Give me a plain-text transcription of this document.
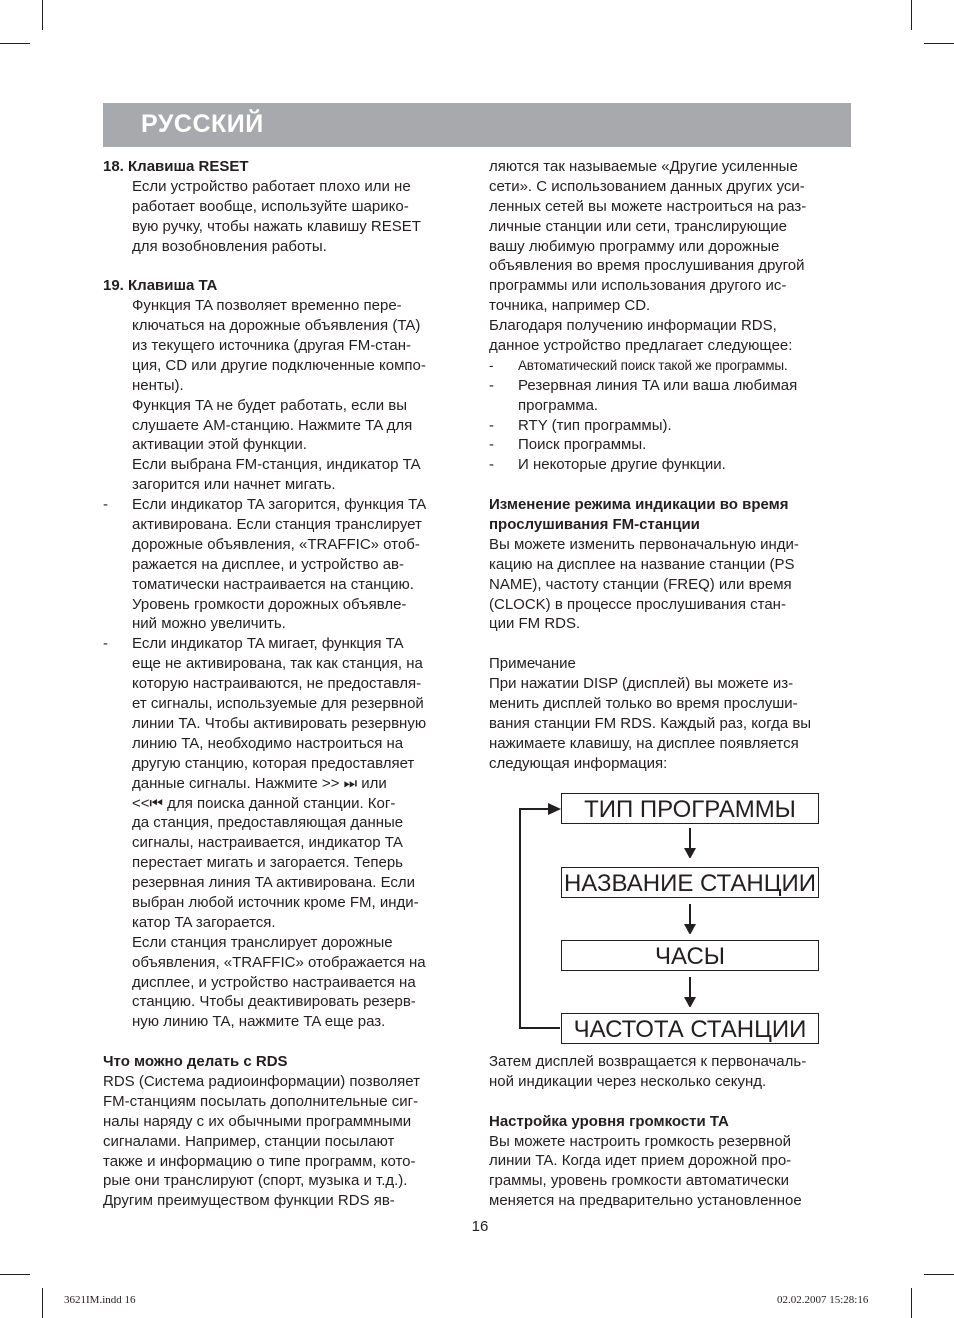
РУССКИЙ
18. Клавиша RESET
Если устройство работает плохо или не
работает вообще, используйте шарико-
вую ручку, чтобы нажать клавишу RESET
для возобновления работы.
19. Клавиша TA
Функция TA позволяет временно пере-
ключаться на дорожные объявления (TA)
из текущего источника (другая FM-стан-
ция, CD или другие подключенные компо-
ненты).
Функция TA не будет работать, если вы
слушаете AM-станцию. Нажмите TA для
активации этой функции.
Если выбрана FM-станция, индикатор TA
загорится или начнет мигать.
- Если индикатор TA загорится, функция TA
активирована. Если станция транслирует
дорожные объявления, «TRAFFIC» отоб-
ражается на дисплее, и устройство ав-
томатически настраивается на станцию.
Уровень громкости дорожных объявле-
ний можно увеличить.
- Если индикатор TA мигает, функция TA
еще не активирована, так как станция, на
которую настраиваются, не предоставля-
ет сигналы, используемые для резервной
линии TA. Чтобы активировать резервную
линию TA, необходимо настроиться на
другую станцию, которая предоставляет
данные сигналы. Нажмите >> ⏭ или
<<⏮ для поиска данной станции. Ког-
да станция, предоставляющая данные
сигналы, настраивается, индикатор TA
перестает мигать и загорается. Теперь
резервная линия TA активирована. Если
выбран любой источник кроме FM, инди-
катор TA загорается.
Если станция транслирует дорожные
объявления, «TRAFFIC» отображается на
дисплее, и устройство настраивается на
станцию. Чтобы деактивировать резерв-
ную линию TA, нажмите TA еще раз.
Что можно делать с RDS
RDS (Система радиоинформации) позволяет
FM-станциям посылать дополнительные сиг-
налы наряду с их обычными программными
сигналами. Например, станции посылают
также и информацию о типе программ, кото-
рые они транслируют (спорт, музыка и т.д.).
Другим преимуществом функции RDS яв-
ляются так называемые «Другие усиленные
сети». С использованием данных других уси-
ленных сетей вы можете настроиться на раз-
личные станции или сети, транслирующие
вашу любимую программу или дорожные
объявления во время прослушивания другой
программы или использования другого ис-
точника, например CD.
Благодаря получению информации RDS,
данное устройство предлагает следующее:
- Автоматический поиск такой же программы.
- Резервная линия TA или ваша любимая
программа.
- RTY (тип программы).
- Поиск программы.
- И некоторые другие функции.
Изменение режима индикации во время
прослушивания FM-станции
Вы можете изменить первоначальную инди-
кацию на дисплее на название станции (PS
NAME), частоту станции (FREQ) или время
(CLOCK) в процессе прослушивания стан-
ции FM RDS.
Примечание
При нажатии DISP (дисплей) вы можете из-
менить дисплей только во время прослуши-
вания станции FM RDS. Каждый раз, когда вы
нажимаете клавишу, на дисплее появляется
следующая информация:
ТИП ПРОГРАММЫ
НАЗВАНИЕ СТАНЦИИ
ЧАСЫ
ЧАСТОТА СТАНЦИИ
Затем дисплей возвращается к первоначаль-
ной индикации через несколько секунд.
Настройка уровня громкости TA
Вы можете настроить громкость резервной
линии TA. Когда идет прием дорожной про-
граммы, уровень громкости автоматически
меняется на предварительно установленное
16
3621IM.indd 16	02.02.2007 15:28:16
